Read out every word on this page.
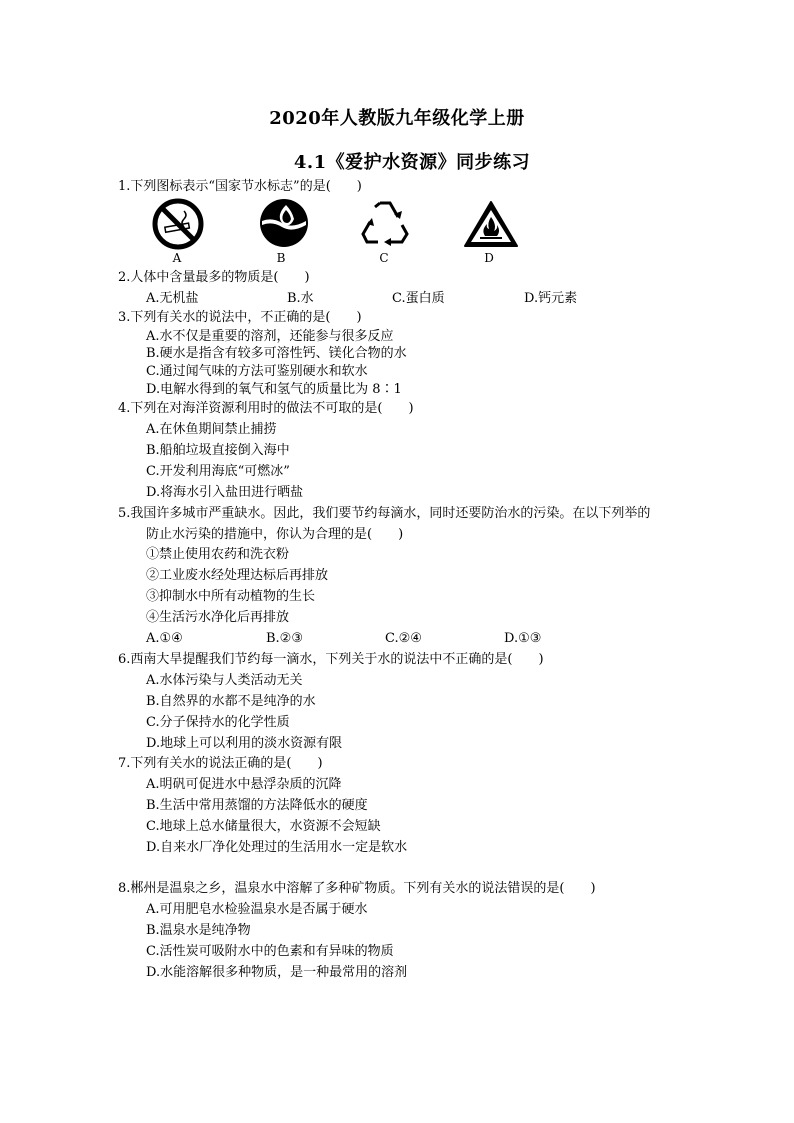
2020年人教版九年级化学上册
4.1《爱护水资源》同步练习
1.下列图标表示“国家节水标志”的是(　　)
A	B	C	D
2.人体中含量最多的物质是(　　)
A.无机盐	B.水	C.蛋白质	D.钙元素
3.下列有关水的说法中，不正确的是(　　)
A.水不仅是重要的溶剂，还能参与很多反应
B.硬水是指含有较多可溶性钙、镁化合物的水
C.通过闻气味的方法可鉴别硬水和软水
D.电解水得到的氧气和氢气的质量比为 8∶1
4.下列在对海洋资源利用时的做法不可取的是(　　)
A.在休鱼期间禁止捕捞
B.船舶垃圾直接倒入海中
C.开发利用海底“可燃冰”
D.将海水引入盐田进行晒盐
5.我国许多城市严重缺水。因此，我们要节约每滴水，同时还要防治水的污染。在以下列举的
防止水污染的措施中，你认为合理的是(　　)
①禁止使用农药和洗衣粉
②工业废水经处理达标后再排放
③抑制水中所有动植物的生长
④生活污水净化后再排放
A.①④	B.②③	C.②④	D.①③
6.西南大旱提醒我们节约每一滴水，下列关于水的说法中不正确的是(　　)
A.水体污染与人类活动无关
B.自然界的水都不是纯净的水
C.分子保持水的化学性质
D.地球上可以利用的淡水资源有限
7.下列有关水的说法正确的是(　　)
A.明矾可促进水中悬浮杂质的沉降
B.生活中常用蒸馏的方法降低水的硬度
C.地球上总水储量很大，水资源不会短缺
D.自来水厂净化处理过的生活用水一定是软水
8.郴州是温泉之乡，温泉水中溶解了多种矿物质。下列有关水的说法错误的是(　　)
A.可用肥皂水检验温泉水是否属于硬水
B.温泉水是纯净物
C.活性炭可吸附水中的色素和有异味的物质
D.水能溶解很多种物质，是一种最常用的溶剂
